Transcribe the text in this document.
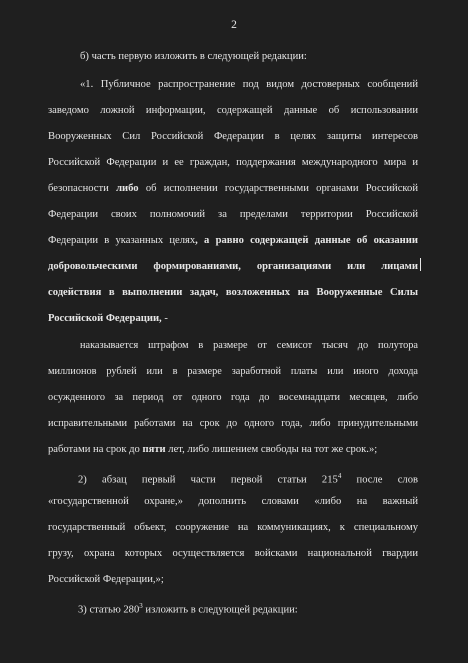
2
б) часть первую изложить в следующей редакции:
«1. Публичное распространение под видом достоверных сообщений
заведомо ложной информации, содержащей данные об использовании
Вооруженных Сил Российской Федерации в целях защиты интересов
Российской Федерации и ее граждан, поддержания международного мира и
безопасности либо об исполнении государственными органами Российской
Федерации своих полномочий за пределами территории Российской
Федерации в указанных целях, а равно содержащей данные об оказании
добровольческими формированиями, организациями или лицами
содействия в выполнении задач, возложенных на Вооруженные Силы
Российской Федерации, -
наказывается штрафом в размере от семисот тысяч до полутора
миллионов рублей или в размере заработной платы или иного дохода
осужденного за период от одного года до восемнадцати месяцев, либо
исправительными работами на срок до одного года, либо принудительными
работами на срок до пяти лет, либо лишением свободы на тот же срок.»;
2) абзац первый части первой статьи $215^4$ после слов
«государственной охране,» дополнить словами «либо на важный
государственный объект, сооружение на коммуникациях, к специальному
грузу, охрана которых осуществляется войсками национальной гвардии
Российской Федерации,»;
3) статью $280^3$ изложить в следующей редакции:
